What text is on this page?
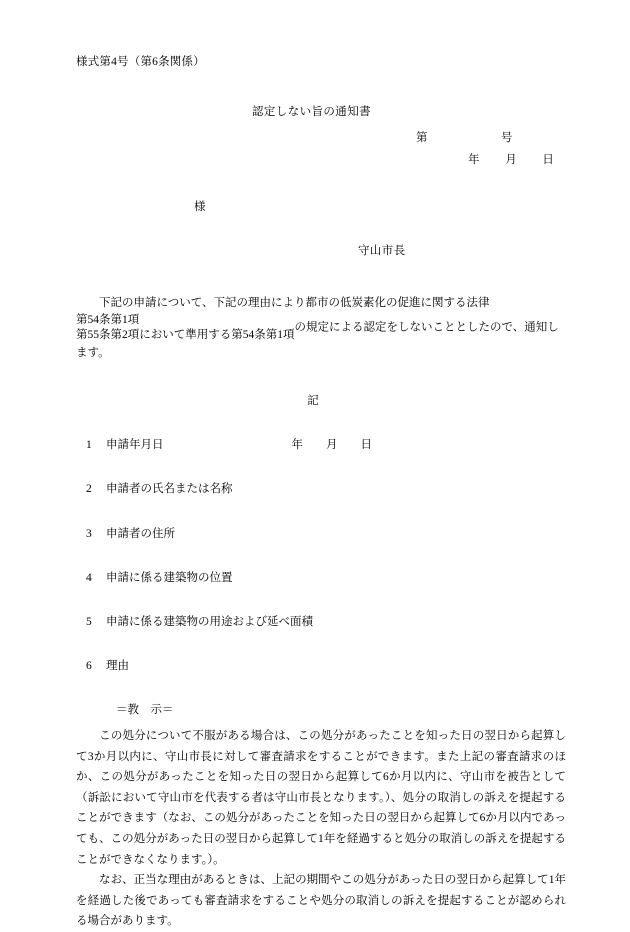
様式第4号（第6条関係）
認定しない旨の通知書
第                       号
年        月        日
様
守山市長

　下記の申請について、下記の理由により都市の低炭素化の促進に関する法律
第54条第1項
第55条第2項において準用する第54条第1項
の規定による認定をしないこととしたので、通知します。

記
1 申請年月日	年        月        日
2 申請者の氏名または名称
3 申請者の住所
4 申請に係る建築物の位置
5 申請に係る建築物の用途および延べ面積
6 理由
＝教　示＝

　この処分について不服がある場合は、この処分があったことを知った日の翌日から起算して3か月以内に、守山市長に対して審査請求をすることができます。また上記の審査請求のほか、この処分があったことを知った日の翌日から起算して6か月以内に、守山市を被告として（訴訟において守山市を代表する者は守山市長となります。）、処分の取消しの訴えを提起することができます（なお、この処分があったことを知った日の翌日から起算して6か月以内であっても、この処分があった日の翌日から起算して1年を経過すると処分の取消しの訴えを提起することができなくなります。）。

　なお、正当な理由があるときは、上記の期間やこの処分があった日の翌日から起算して1年を経過した後であっても審査請求をすることや処分の取消しの訴えを提起することが認められる場合があります。
